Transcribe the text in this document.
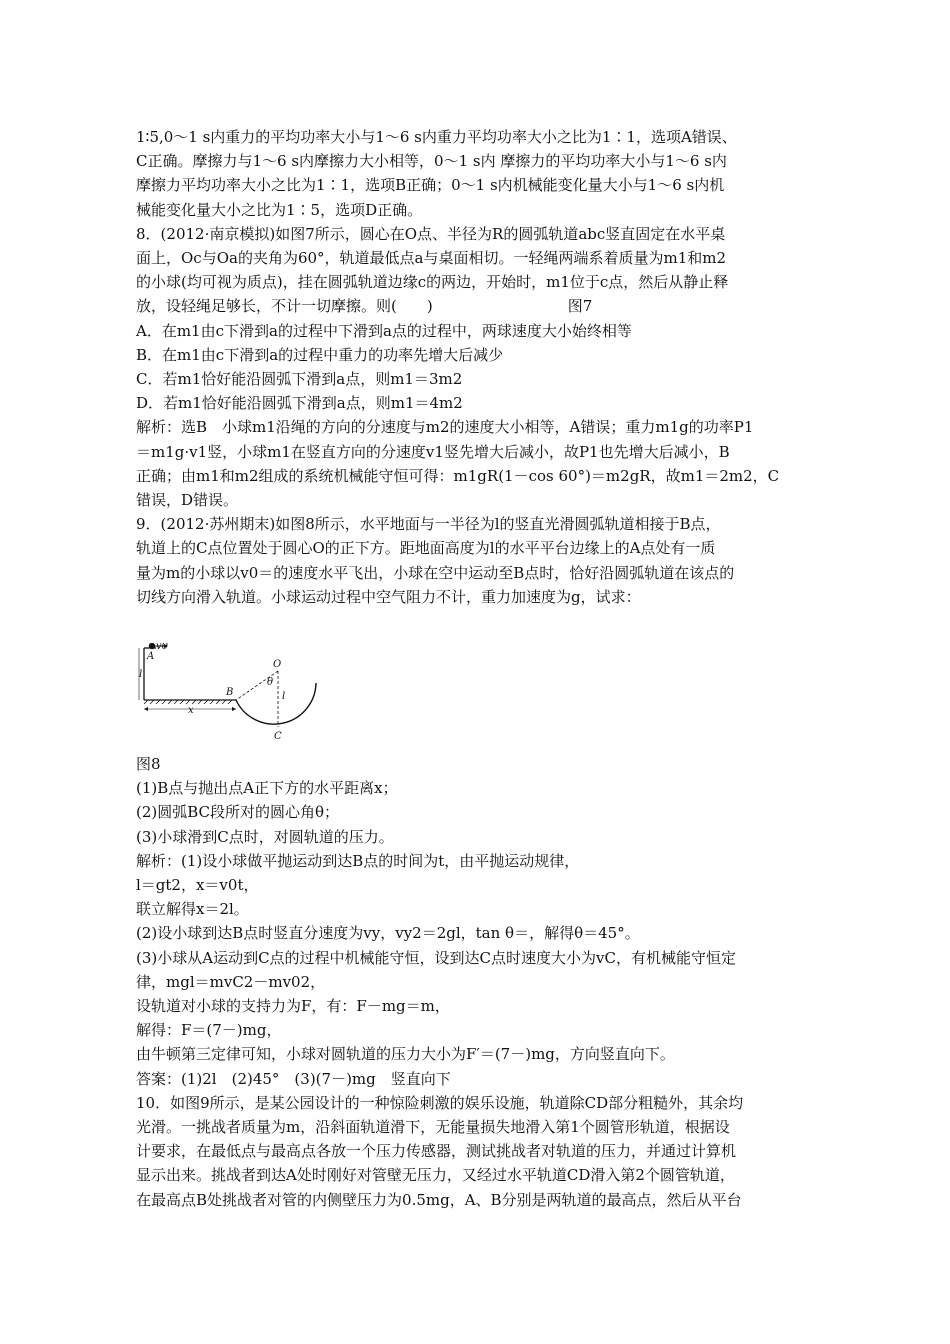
1∶5,0～1 s内重力的平均功率大小与1～6 s内重力平均功率大小之比为1∶1，选项A错误、
C正确。摩擦力与1～6 s内摩擦力大小相等，0～1 s内 摩擦力的平均功率大小与1～6 s内
摩擦力平均功率大小之比为1∶1，选项B正确；0～1 s内机械能变化量大小与1～6 s内机
械能变化量大小之比为1∶5，选项D正确。
8．(2012·南京模拟)如图7所示，圆心在O点、半径为R的圆弧轨道abc竖直固定在水平桌
面上，Oc与Oa的夹角为60°，轨道最低点a与桌面相切。一轻绳两端系着质量为m1和m2
的小球(均可视为质点)，挂在圆弧轨道边缘c的两边，开始时，m1位于c点，然后从静止释
放，设轻绳足够长，不计一切摩擦。则(　　)　　　　　　　　　图7
A．在m1由c下滑到a的过程中下滑到a点的过程中，两球速度大小始终相等
B．在m1由c下滑到a的过程中重力的功率先增大后减少
C．若m1恰好能沿圆弧下滑到a点，则m1＝3m2
D．若m1恰好能沿圆弧下滑到a点，则m1＝4m2
解析：选B　小球m1沿绳的方向的分速度与m2的速度大小相等，A错误；重力m1g的功率P1
＝m1g·v1竖，小球m1在竖直方向的分速度v1竖先增大后减小，故P1也先增大后减小，B
正确；由m1和m2组成的系统机械能守恒可得：m1gR(1－cos 60°)＝m2gR，故m1＝2m2，C
错误，D错误。
9．(2012·苏州期末)如图8所示，水平地面与一半径为l的竖直光滑圆弧轨道相接于B点，
轨道上的C点位置处于圆心O的正下方。距地面高度为l的水平平台边缘上的A点处有一质
量为m的小球以v0＝的速度水平飞出，小球在空中运动至B点时，恰好沿圆弧轨道在该点的
切线方向滑入轨道。小球运动过程中空气阻力不计，重力加速度为g，试求：
v0
A
l
x
B
O
θ
l
C
图8
(1)B点与抛出点A正下方的水平距离x；
(2)圆弧BC段所对的圆心角θ；
(3)小球滑到C点时，对圆轨道的压力。
解析：(1)设小球做平抛运动到达B点的时间为t，由平抛运动规律，
l＝gt2，x＝v0t，
联立解得x＝2l。
(2)设小球到达B点时竖直分速度为vy，vy2＝2gl，tan θ＝，解得θ＝45°。
(3)小球从A运动到C点的过程中机械能守恒，设到达C点时速度大小为vC，有机械能守恒定
律，mgl＝mvC2－mv02，
设轨道对小球的支持力为F，有：F－mg＝m，
解得：F＝(7－)mg，
由牛顿第三定律可知，小球对圆轨道的压力大小为F′＝(7－)mg，方向竖直向下。
答案：(1)2l　(2)45°　(3)(7－)mg　竖直向下
10．如图9所示，是某公园设计的一种惊险刺激的娱乐设施，轨道除CD部分粗糙外，其余均
光滑。一挑战者质量为m，沿斜面轨道滑下，无能量损失地滑入第1个圆管形轨道，根据设
计要求，在最低点与最高点各放一个压力传感器，测试挑战者对轨道的压力，并通过计算机
显示出来。挑战者到达A处时刚好对管壁无压力，又经过水平轨道CD滑入第2个圆管轨道，
在最高点B处挑战者对管的内侧壁压力为0.5mg，A、B分别是两轨道的最高点，然后从平台
